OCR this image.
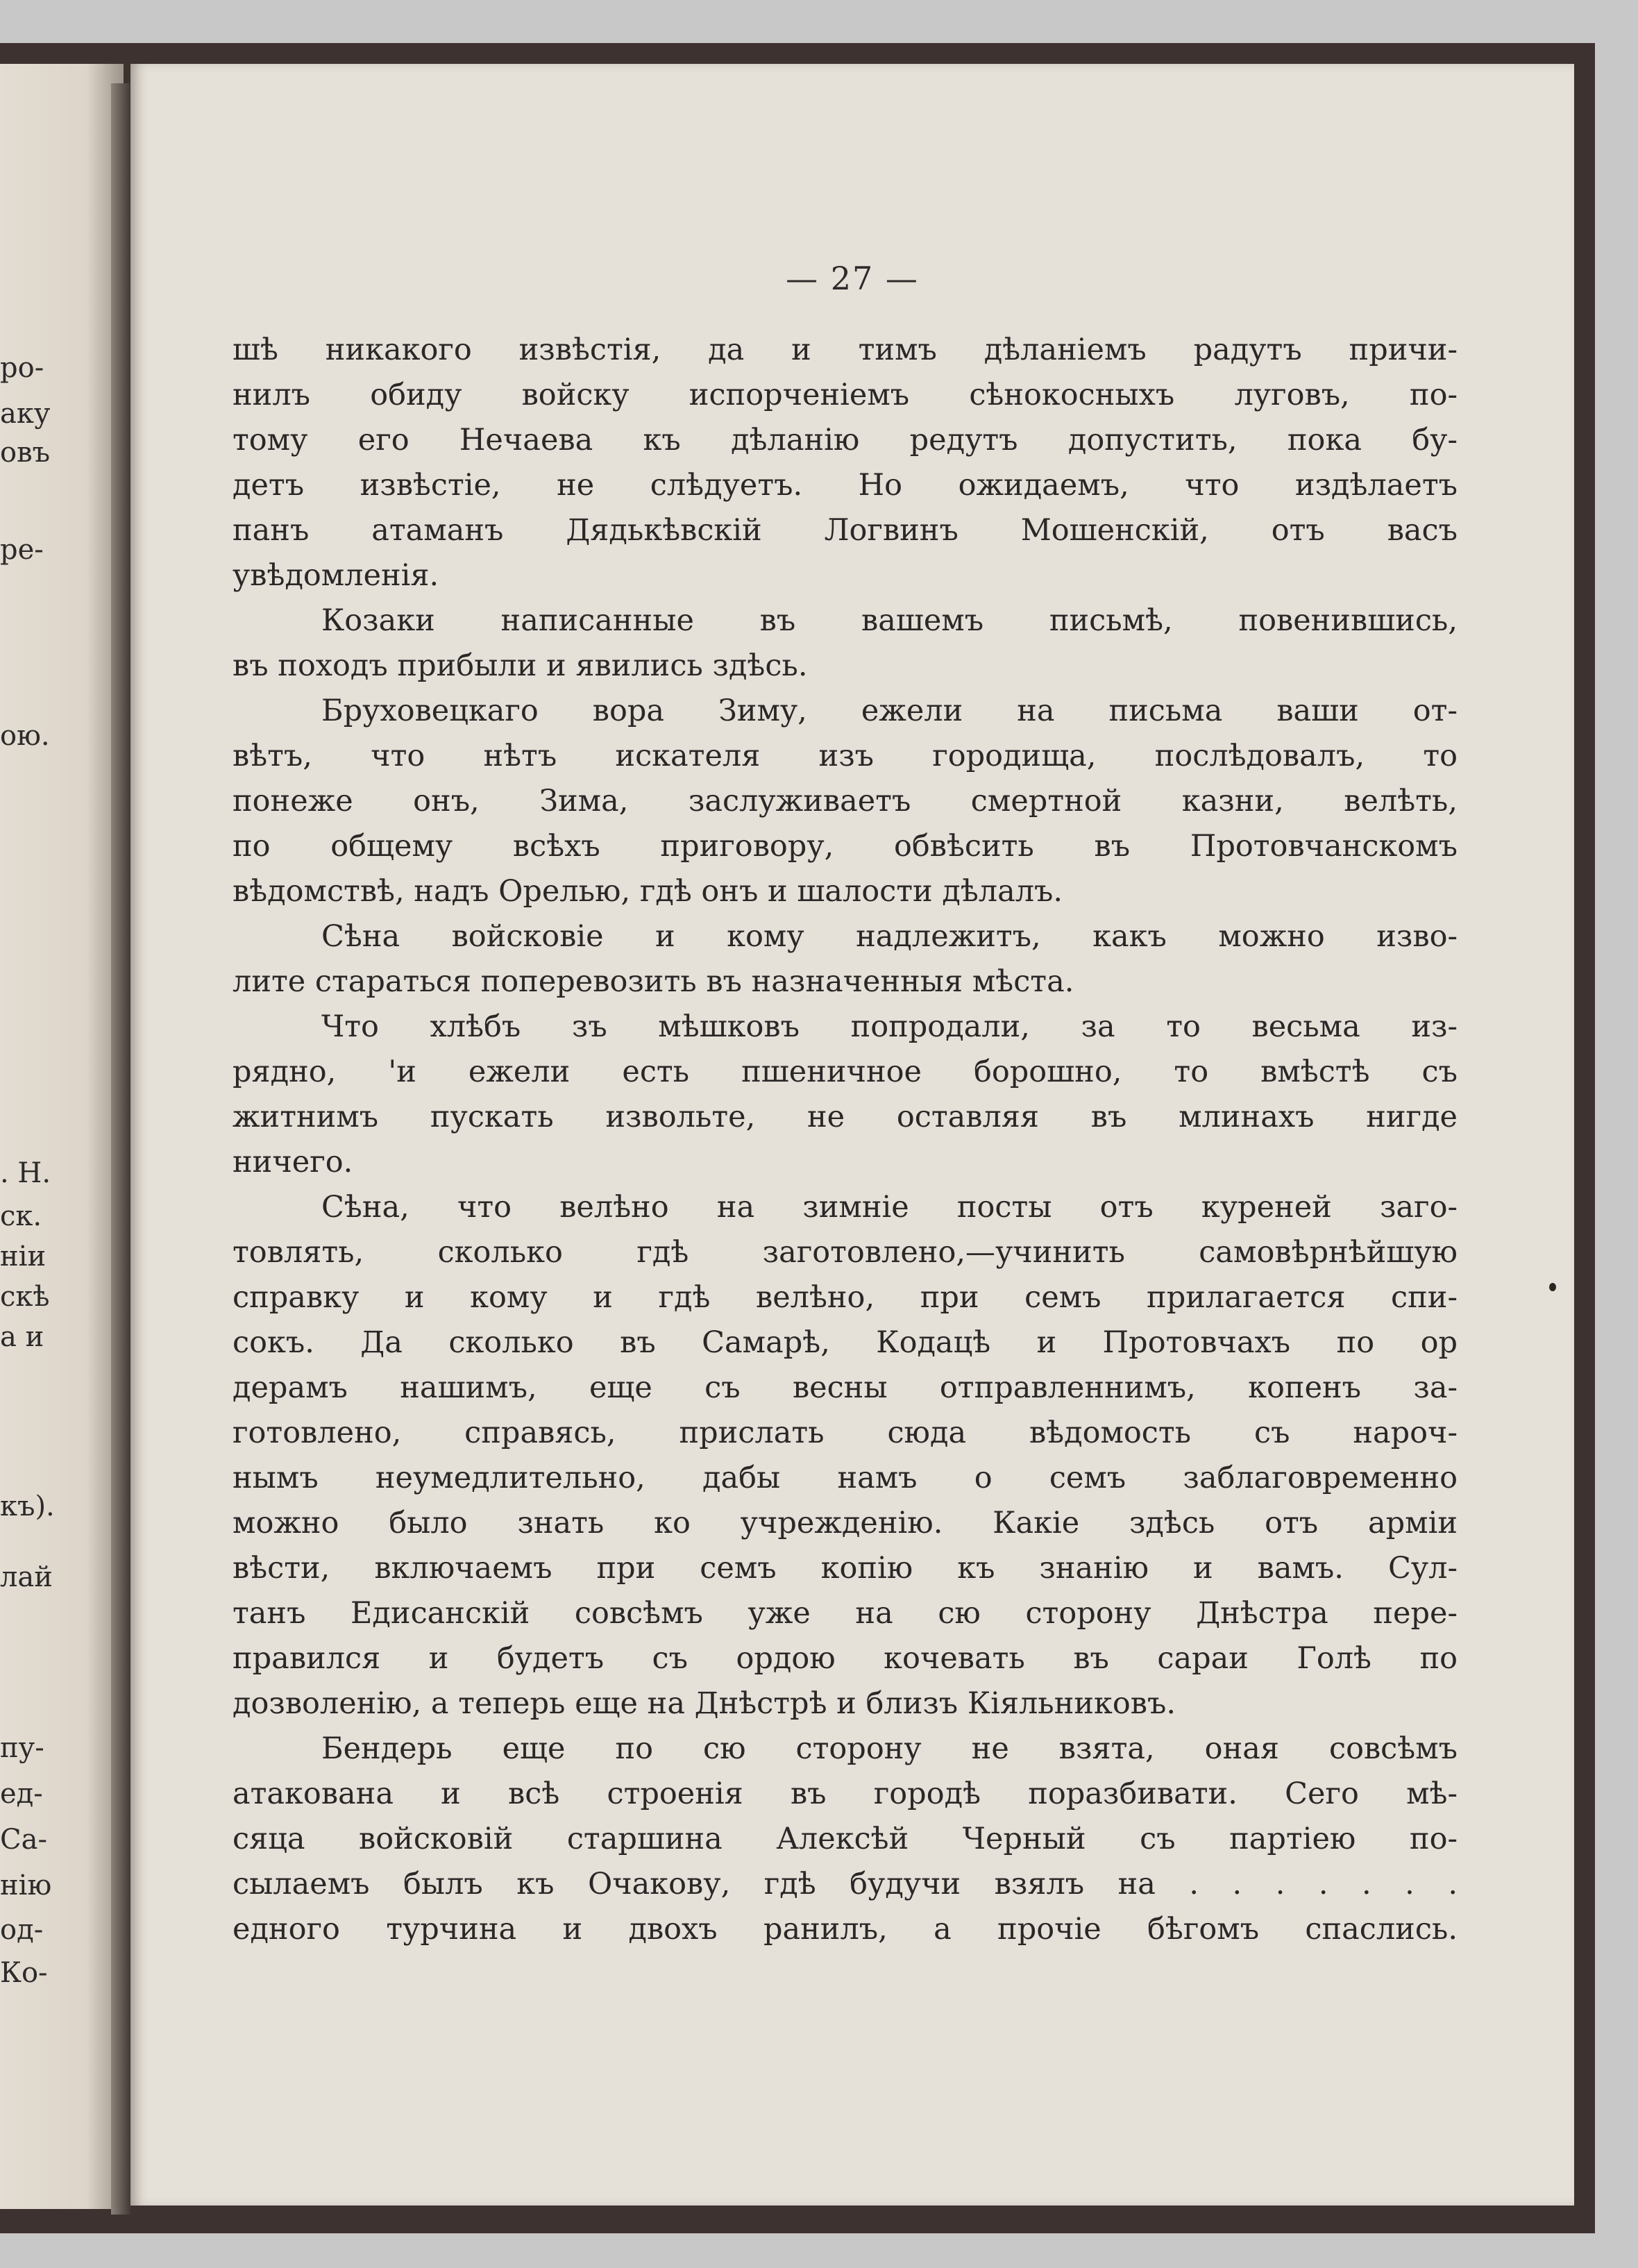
ро-
аку
овъ
ре-
ою.
. Н.
ск.
ніи
скѣ
а и
къ).
лай
пу-
ед-
Са-
нію
од-
Ко-
— 27 —
шѣ никакого извѣстія, да и тимъ дѣланіемъ радутъ причи-
нилъ обиду войску испорченіемъ сѣнокосныхъ луговъ, по-
тому его Нечаева къ дѣланію редутъ допустить, пока бу-
детъ извѣстіе, не слѣдуетъ. Но ожидаемъ, что издѣлаетъ
панъ атаманъ Дядькѣвскій Логвинъ Мошенскій, отъ васъ
увѣдомленія.
Козаки написанные въ вашемъ письмѣ, повенившись,
въ походъ прибыли и явились здѣсь.
Бруховецкаго вора Зиму, ежели на письма ваши от-
вѣтъ, что нѣтъ искателя изъ городища, послѣдовалъ, то
понеже онъ, Зима, заслуживаетъ смертной казни, велѣть,
по общему всѣхъ приговору, обвѣсить въ Протовчанскомъ
вѣдомствѣ, надъ Орелью, гдѣ онъ и шалости дѣлалъ.
Сѣна войсковіе и кому надлежитъ, какъ можно изво-
лите стараться поперевозить въ назначенныя мѣста.
Что хлѣбъ зъ мѣшковъ попродали, за то весьма из-
рядно, 'и ежели есть пшеничное борошно, то вмѣстѣ съ
житнимъ пускать извольте, не оставляя въ млинахъ нигде
ничего.
Сѣна, что велѣно на зимніе посты отъ куреней заго-
товлять, сколько гдѣ заготовлено,—учинить самовѣрнѣйшую
справку и кому и гдѣ велѣно, при семъ прилагается спи-
сокъ. Да сколько въ Самарѣ, Кодацѣ и Протовчахъ по ор
дерамъ нашимъ, еще съ весны отправленнимъ, копенъ за-
готовлено, справясь, прислать сюда вѣдомость съ нароч-
нымъ неумедлительно, дабы намъ о семъ заблаговременно
можно было знать ко учрежденію. Какіе здѣсь отъ арміи
вѣсти, включаемъ при семъ копію къ знанію и вамъ. Сул-
танъ Едисанскій совсѣмъ уже на сю сторону Днѣстра пере-
правился и будетъ съ ордою кочевать въ сараи Голѣ по
дозволенію, а теперь еще на Днѣстрѣ и близъ Кіяльниковъ.
Бендерь еще по сю сторону не взята, оная совсѣмъ
атакована и всѣ строенія въ городѣ поразбивати. Сего мѣ-
сяца войсковій старшина Алексѣй Черный съ партіею по-
сылаемъ былъ къ Очакову, гдѣ будучи взялъ на . . . . . . .
едного турчина и двохъ ранилъ, а прочіе бѣгомъ спаслись.
